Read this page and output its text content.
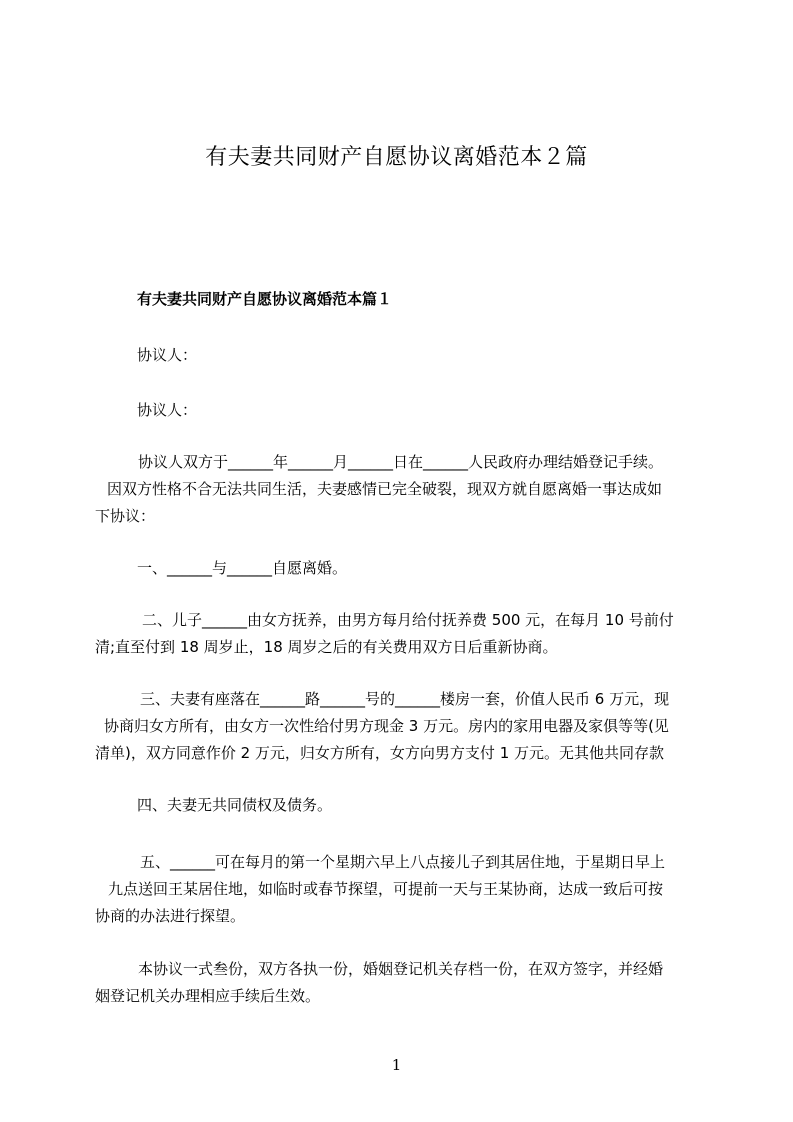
有夫妻共同财产自愿协议离婚范本２篇
有夫妻共同财产自愿协议离婚范本篇１
协议人：
协议人：
协议人双方于______年______月______日在______人民政府办理结婚登记手续。
因双方性格不合无法共同生活，夫妻感情已完全破裂，现双方就自愿离婚一事达成如
下协议：
一、______与______自愿离婚。
二、儿子______由女方抚养，由男方每月给付抚养费 500 元，在每月 10 号前付
清;直至付到 18 周岁止，18 周岁之后的有关费用双方日后重新协商。
三、夫妻有座落在______路______号的______楼房一套，价值人民币 6 万元，现
协商归女方所有，由女方一次性给付男方现金 3 万元。房内的家用电器及家俱等等(见
清单)，双方同意作价 2 万元，归女方所有，女方向男方支付 1 万元。无其他共同存款
四、夫妻无共同债权及债务。
五、______可在每月的第一个星期六早上八点接儿子到其居住地，于星期日早上
九点送回王某居住地，如临时或春节探望，可提前一天与王某协商，达成一致后可按
协商的办法进行探望。
本协议一式叁份，双方各执一份，婚姻登记机关存档一份，在双方签字，并经婚
姻登记机关办理相应手续后生效。
1
